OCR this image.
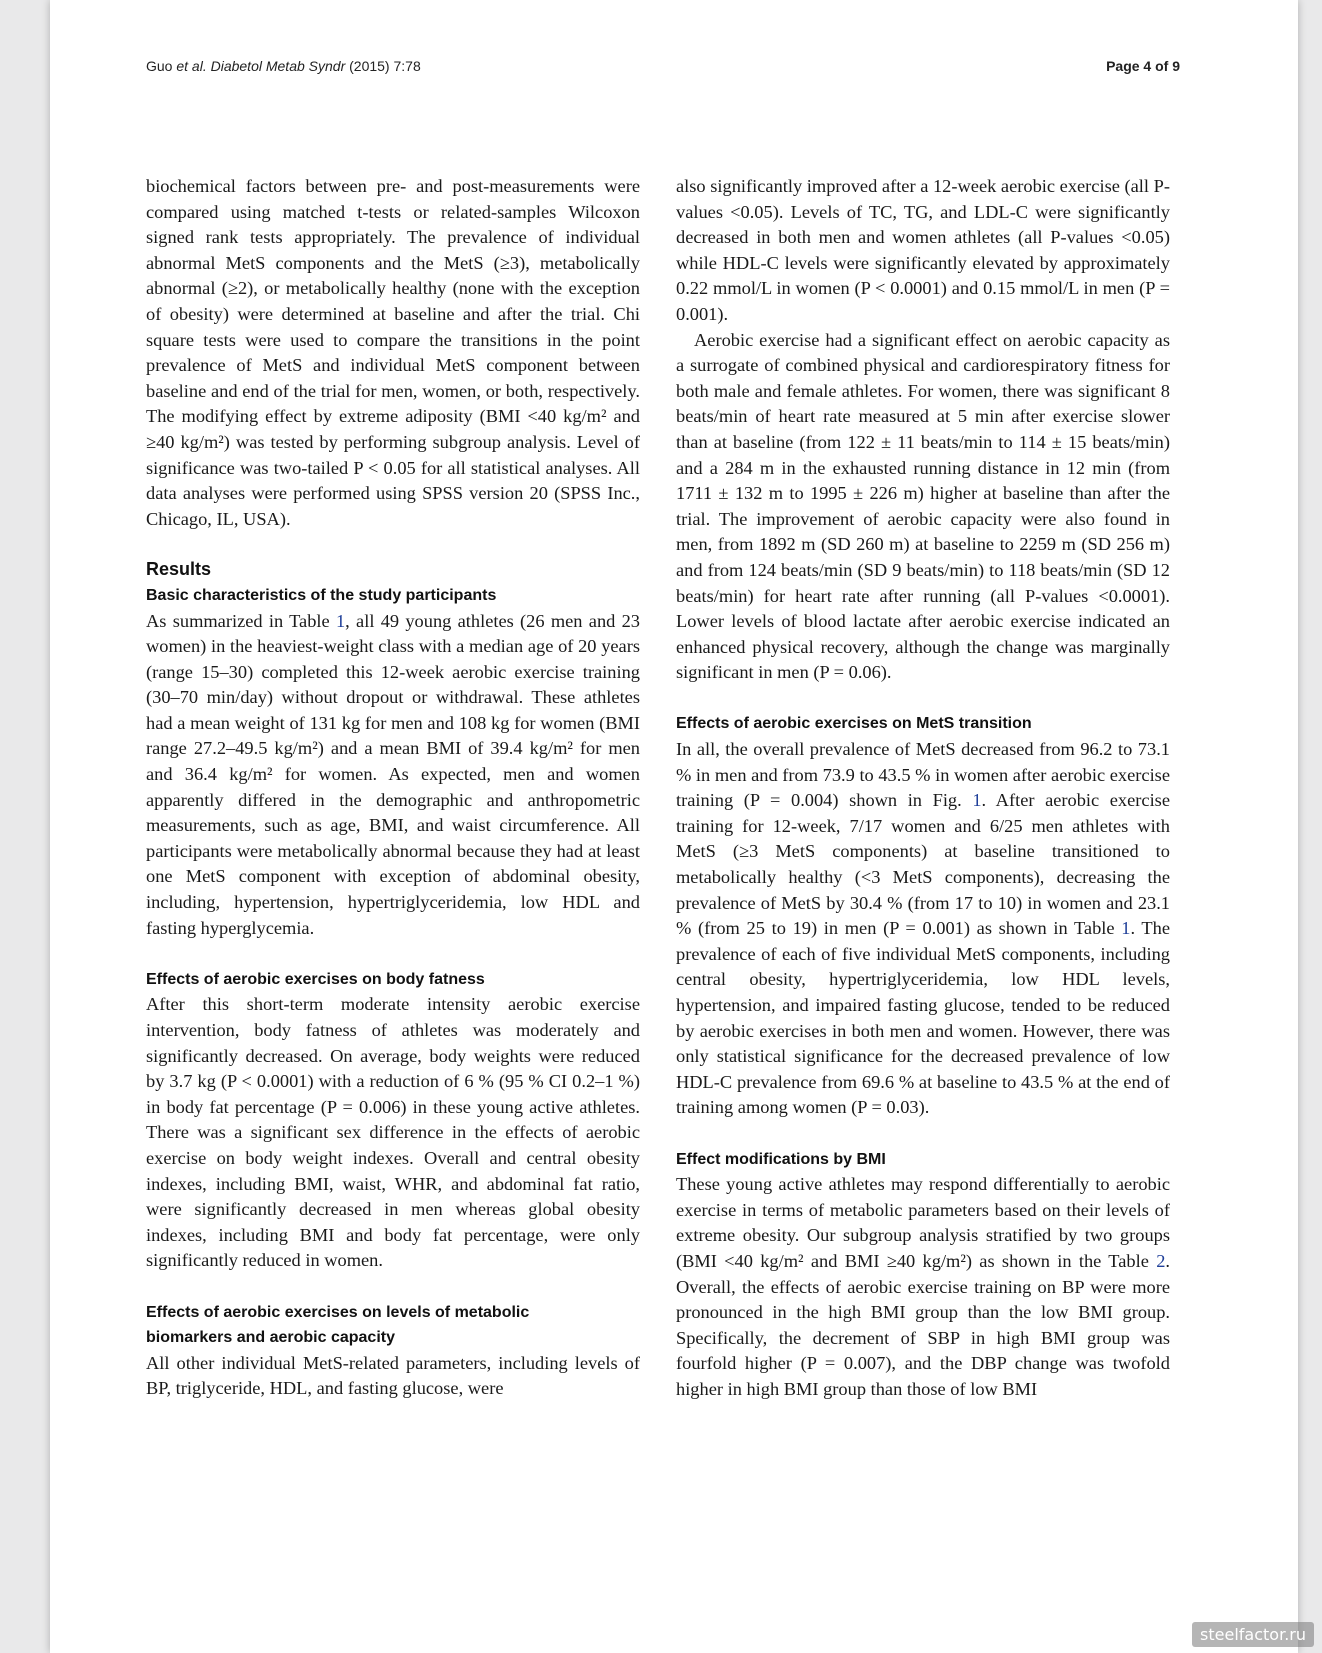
Guo et al. Diabetol Metab Syndr (2015) 7:78	Page 4 of 9

biochemical factors between pre- and post-measurements were compared using matched t-tests or related-samples Wilcoxon signed rank tests appropriately. The prevalence of individual abnormal MetS components and the MetS (≥3), metabolically abnormal (≥2), or metabolically healthy (none with the exception of obesity) were determined at baseline and after the trial. Chi square tests were used to compare the transitions in the point prevalence of MetS and individual MetS component between baseline and end of the trial for men, women, or both, respectively. The modifying effect by extreme adiposity (BMI <40 kg/m² and ≥40 kg/m²) was tested by performing subgroup analysis. Level of significance was two-tailed P < 0.05 for all statistical analyses. All data analyses were performed using SPSS version 20 (SPSS Inc., Chicago, IL, USA).

Results
Basic characteristics of the study participants

As summarized in Table 1, all 49 young athletes (26 men and 23 women) in the heaviest-weight class with a median age of 20 years (range 15–30) completed this 12-week aerobic exercise training (30–70 min/day) without dropout or withdrawal. These athletes had a mean weight of 131 kg for men and 108 kg for women (BMI range 27.2–49.5 kg/m²) and a mean BMI of 39.4 kg/m² for men and 36.4 kg/m² for women. As expected, men and women apparently differed in the demographic and anthropometric measurements, such as age, BMI, and waist circumference. All participants were metabolically abnormal because they had at least one MetS component with exception of abdominal obesity, including, hypertension, hypertriglyceridemia, low HDL and fasting hyperglycemia.

Effects of aerobic exercises on body fatness

After this short-term moderate intensity aerobic exercise intervention, body fatness of athletes was moderately and significantly decreased. On average, body weights were reduced by 3.7 kg (P < 0.0001) with a reduction of 6 % (95 % CI 0.2–1 %) in body fat percentage (P = 0.006) in these young active athletes. There was a significant sex difference in the effects of aerobic exercise on body weight indexes. Overall and central obesity indexes, including BMI, waist, WHR, and abdominal fat ratio, were significantly decreased in men whereas global obesity indexes, including BMI and body fat percentage, were only significantly reduced in women.

Effects of aerobic exercises on levels of metabolic
biomarkers and aerobic capacity

All other individual MetS-related parameters, including levels of BP, triglyceride, HDL, and fasting glucose, were

also significantly improved after a 12-week aerobic exercise (all P-values <0.05). Levels of TC, TG, and LDL-C were significantly decreased in both men and women athletes (all P-values <0.05) while HDL-C levels were significantly elevated by approximately 0.22 mmol/L in women (P < 0.0001) and 0.15 mmol/L in men (P = 0.001).

Aerobic exercise had a significant effect on aerobic capacity as a surrogate of combined physical and cardiorespiratory fitness for both male and female athletes. For women, there was significant 8 beats/min of heart rate measured at 5 min after exercise slower than at baseline (from 122 ± 11 beats/min to 114 ± 15 beats/min) and a 284 m in the exhausted running distance in 12 min (from 1711 ± 132 m to 1995 ± 226 m) higher at baseline than after the trial. The improvement of aerobic capacity were also found in men, from 1892 m (SD 260 m) at baseline to 2259 m (SD 256 m) and from 124 beats/min (SD 9 beats/min) to 118 beats/min (SD 12 beats/min) for heart rate after running (all P-values <0.0001). Lower levels of blood lactate after aerobic exercise indicated an enhanced physical recovery, although the change was marginally significant in men (P = 0.06).

Effects of aerobic exercises on MetS transition

In all, the overall prevalence of MetS decreased from 96.2 to 73.1 % in men and from 73.9 to 43.5 % in women after aerobic exercise training (P = 0.004) shown in Fig. 1. After aerobic exercise training for 12-week, 7/17 women and 6/25 men athletes with MetS (≥3 MetS components) at baseline transitioned to metabolically healthy (<3 MetS components), decreasing the prevalence of MetS by 30.4 % (from 17 to 10) in women and 23.1 % (from 25 to 19) in men (P = 0.001) as shown in Table 1. The prevalence of each of five individual MetS components, including central obesity, hypertriglyceridemia, low HDL levels, hypertension, and impaired fasting glucose, tended to be reduced by aerobic exercises in both men and women. However, there was only statistical significance for the decreased prevalence of low HDL-C prevalence from 69.6 % at baseline to 43.5 % at the end of training among women (P = 0.03).

Effect modifications by BMI

These young active athletes may respond differentially to aerobic exercise in terms of metabolic parameters based on their levels of extreme obesity. Our subgroup analysis stratified by two groups (BMI <40 kg/m² and BMI ≥40 kg/m²) as shown in the Table 2. Overall, the effects of aerobic exercise training on BP were more pronounced in the high BMI group than the low BMI group. Specifically, the decrement of SBP in high BMI group was fourfold higher (P = 0.007), and the DBP change was twofold higher in high BMI group than those of low BMI

steelfactor.ru
